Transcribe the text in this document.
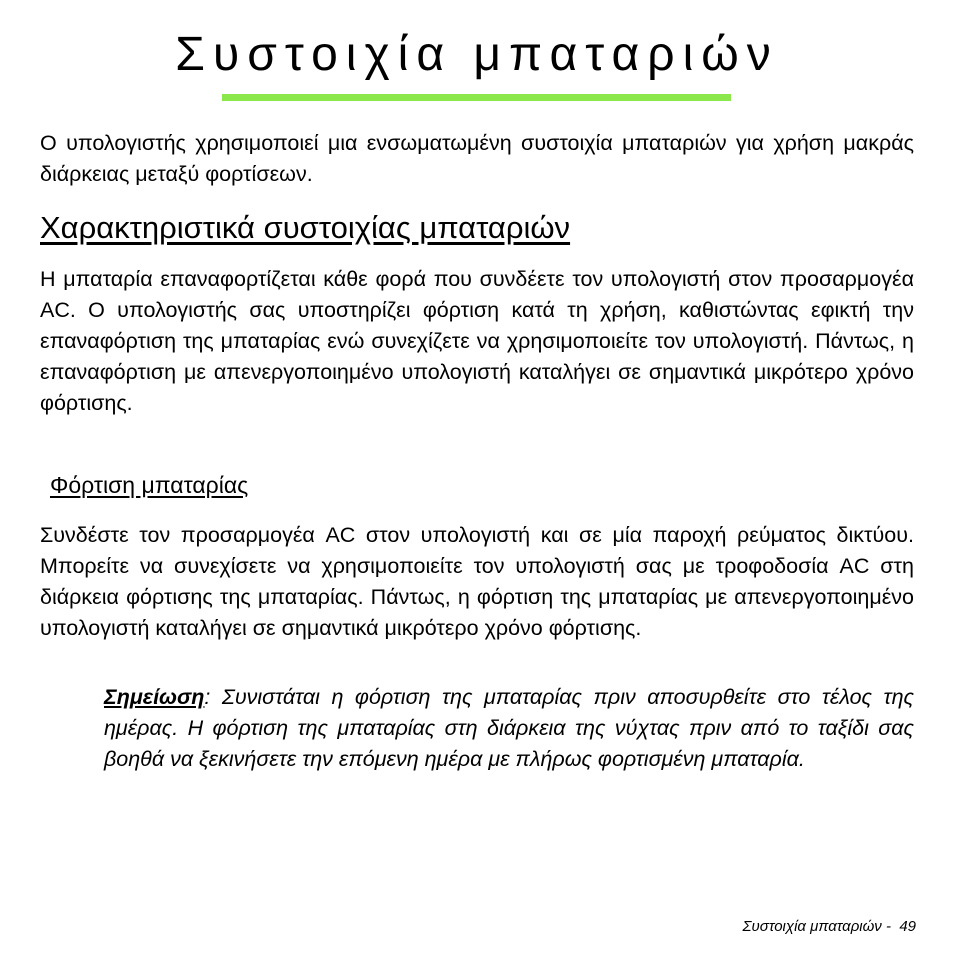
Συστοιχία μπαταριών

Ο υπολογιστής χρησιμοποιεί μια ενσωματωμένη συστοιχία μπαταριών για χρήση μακράς διάρκειας μεταξύ φορτίσεων.

Χαρακτηριστικά συστοιχίας μπαταριών

Η μπαταρία επαναφορτίζεται κάθε φορά που συνδέετε τον υπολογιστή στον προσαρμογέα AC. Ο υπολογιστής σας υποστηρίζει φόρτιση κατά τη χρήση, καθιστώντας εφικτή την επαναφόρτιση της μπαταρίας ενώ συνεχίζετε να χρησιμοποιείτε τον υπολογιστή. Πάντως, η επαναφόρτιση με απενεργοποιημένο υπολογιστή καταλήγει σε σημαντικά μικρότερο χρόνο φόρτισης.

Φόρτιση μπαταρίας

Συνδέστε τον προσαρμογέα AC στον υπολογιστή και σε μία παροχή ρεύματος δικτύου. Μπορείτε να συνεχίσετε να χρησιμοποιείτε τον υπολογιστή σας με τροφοδοσία AC στη διάρκεια φόρτισης της μπαταρίας. Πάντως, η φόρτιση της μπαταρίας με απενεργοποιημένο υπολογιστή καταλήγει σε σημαντικά μικρότερο χρόνο φόρτισης.

Σημείωση: Συνιστάται η φόρτιση της μπαταρίας πριν αποσυρθείτε στο τέλος της ημέρας. Η φόρτιση της μπαταρίας στη διάρκεια της νύχτας πριν από το ταξίδι σας βοηθά να ξεκινήσετε την επόμενη ημέρα με πλήρως φορτισμένη μπαταρία.

Συστοιχία μπαταριών - 49
